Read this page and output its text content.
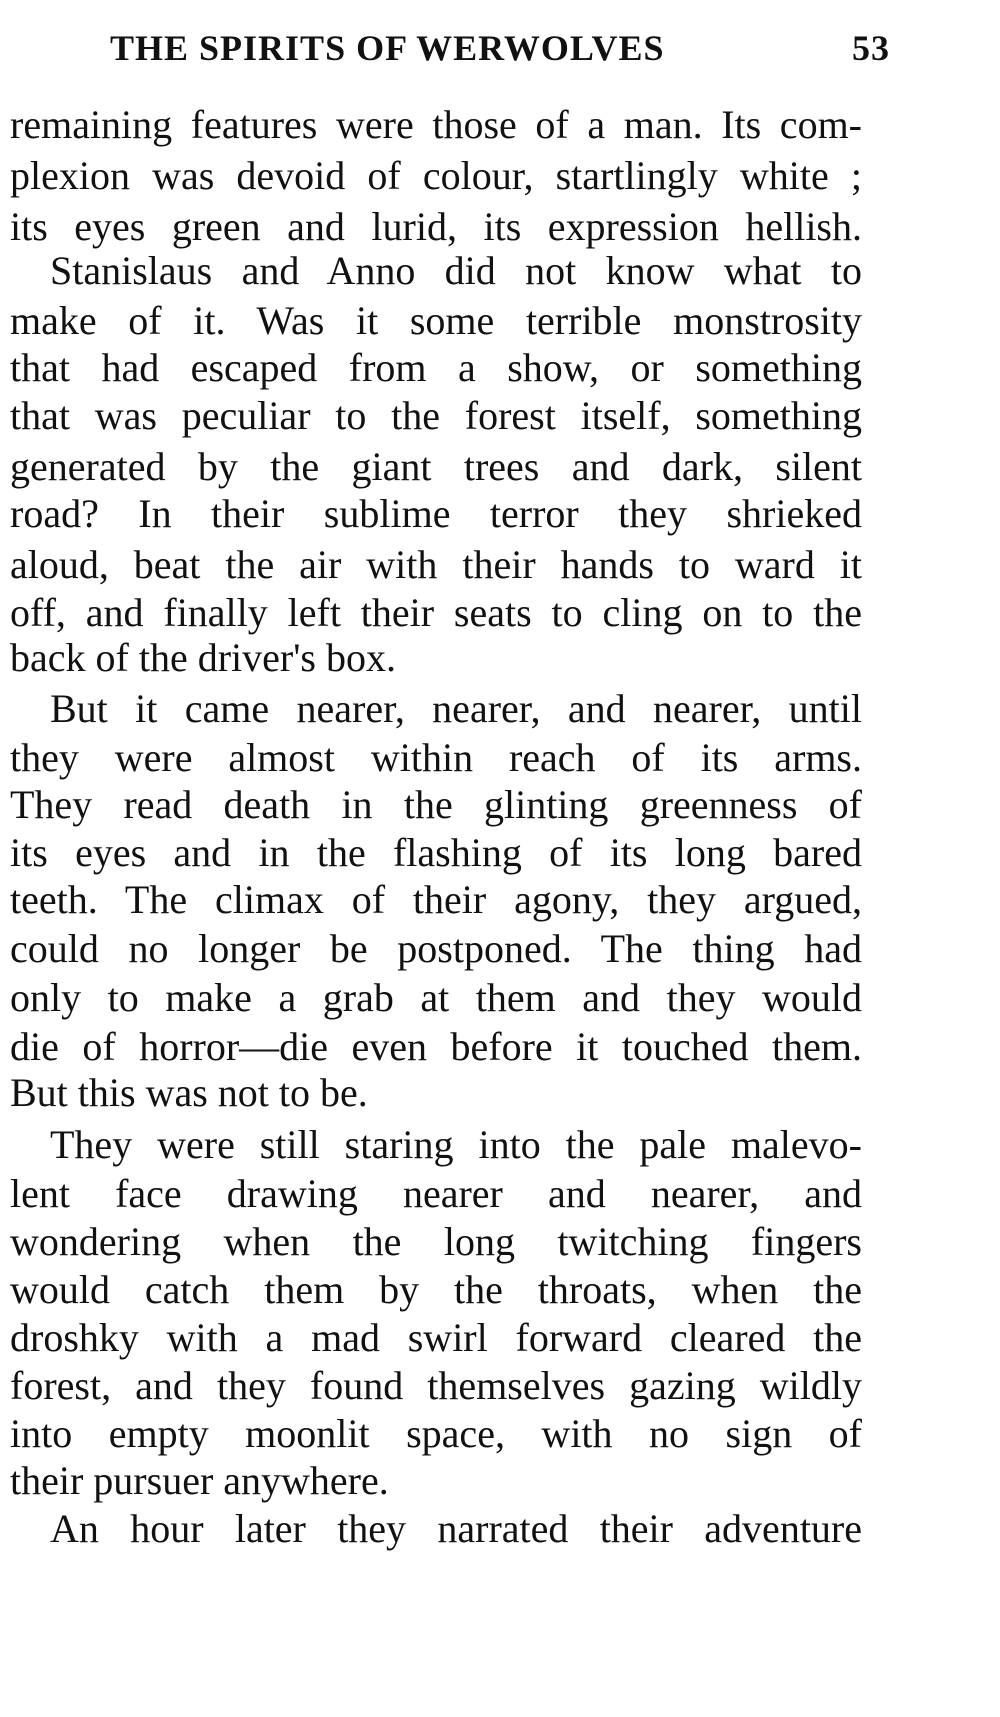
THE SPIRITS OF WERWOLVES	53
remaining features were those of a man. Its com-
plexion was devoid of colour, startlingly white ;
its eyes green and lurid, its expression hellish.
Stanislaus and Anno did not know what to
make of it. Was it some terrible monstrosity
that had escaped from a show, or something
that was peculiar to the forest itself, something
generated by the giant trees and dark, silent
road? In their sublime terror they shrieked
aloud, beat the air with their hands to ward it
off, and finally left their seats to cling on to the
back of the driver's box.
But it came nearer, nearer, and nearer, until
they were almost within reach of its arms.
They read death in the glinting greenness of
its eyes and in the flashing of its long bared
teeth. The climax of their agony, they argued,
could no longer be postponed. The thing had
only to make a grab at them and they would
die of horror—die even before it touched them.
But this was not to be.
They were still staring into the pale malevo-
lent face drawing nearer and nearer, and
wondering when the long twitching fingers
would catch them by the throats, when the
droshky with a mad swirl forward cleared the
forest, and they found themselves gazing wildly
into empty moonlit space, with no sign of
their pursuer anywhere.
An hour later they narrated their adventure
